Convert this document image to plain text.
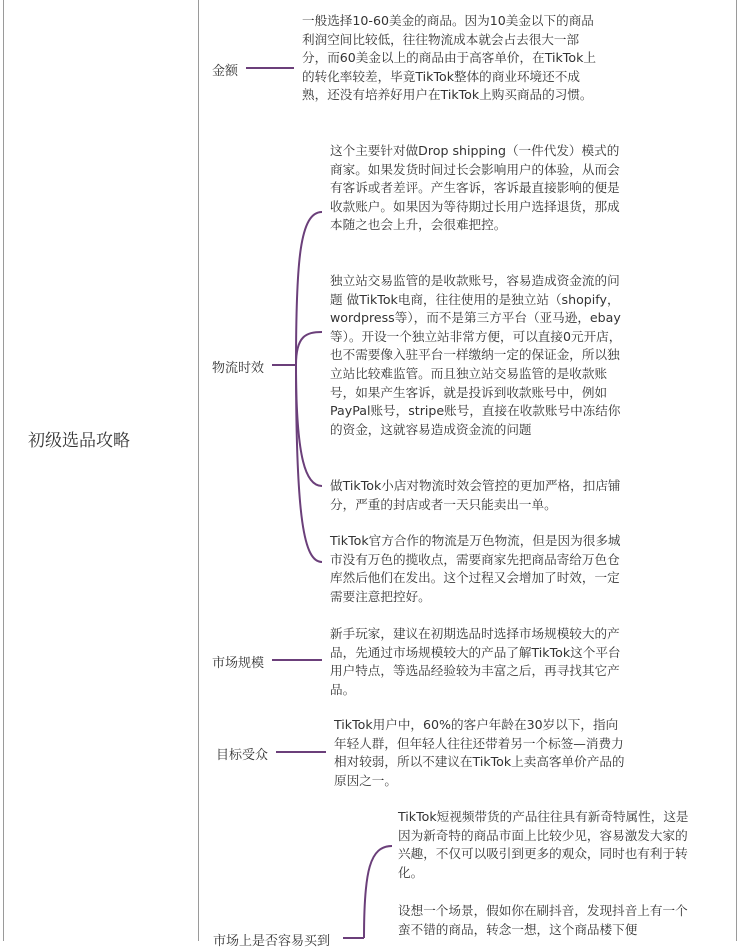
初级选品攻略
金额

一般选择10-60美金的商品。因为10美金以下的商品利润空间比较低，往往物流成本就会占去很大一部分，而60美金以上的商品由于高客单价，在TikTok上的转化率较差，毕竟TikTok整体的商业环境还不成熟，还没有培养好用户在TikTok上购买商品的习惯。

物流时效

这个主要针对做Drop shipping（一件代发）模式的商家。如果发货时间过长会影响用户的体验，从而会有客诉或者差评。产生客诉，客诉最直接影响的便是收款账户。如果因为等待期过长用户选择退货，那成本随之也会上升，会很难把控。

独立站交易监管的是收款账号，容易造成资金流的问题 做TikTok电商，往往使用的是独立站（shopify，wordpress等），而不是第三方平台（亚马逊，ebay等）。开设一个独立站非常方便，可以直接0元开店，也不需要像入驻平台一样缴纳一定的保证金，所以独立站比较难监管。而且独立站交易监管的是收款账号，如果产生客诉，就是投诉到收款账号中，例如PayPal账号，stripe账号，直接在收款账号中冻结你的资金，这就容易造成资金流的问题

做TikTok小店对物流时效会管控的更加严格，扣店铺分，严重的封店或者一天只能卖出一单。

TikTok官方合作的物流是万色物流，但是因为很多城市没有万色的揽收点，需要商家先把商品寄给万色仓库然后他们在发出。这个过程又会增加了时效，一定需要注意把控好。

市场规模

新手玩家，建议在初期选品时选择市场规模较大的产品，先通过市场规模较大的产品了解TikTok这个平台用户特点，等选品经验较为丰富之后，再寻找其它产品。

目标受众

TikTok用户中，60%的客户年龄在30岁以下，指向年轻人群，但年轻人往往还带着另一个标签—消费力相对较弱，所以不建议在TikTok上卖高客单价产品的原因之一。

市场上是否容易买到

TikTok短视频带货的产品往往具有新奇特属性，这是因为新奇特的商品市面上比较少见，容易激发大家的兴趣，不仅可以吸引到更多的观众，同时也有利于转化。

设想一个场景，假如你在刷抖音，发现抖音上有一个蛮不错的商品，转念一想，这个商品楼下便
